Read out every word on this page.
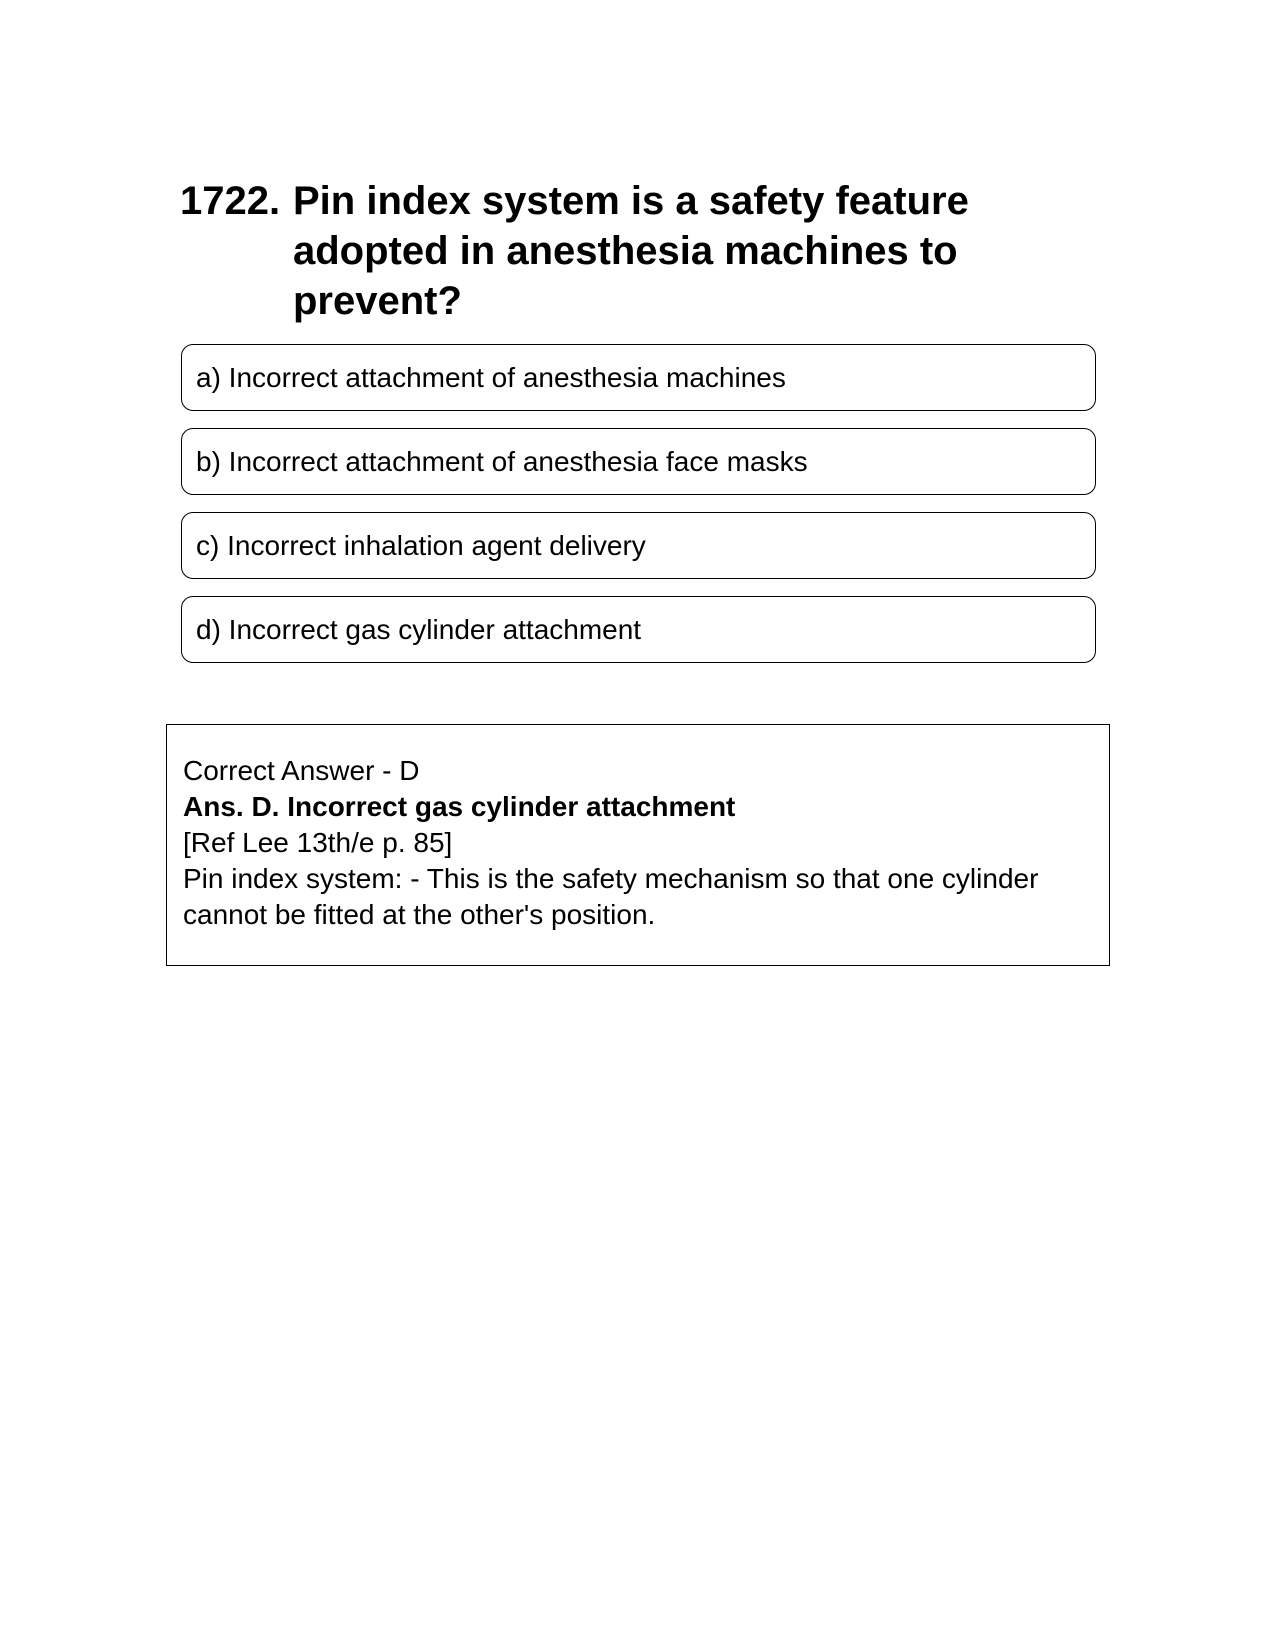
1722. Pin index system is a safety feature adopted in anesthesia machines to prevent?
a) Incorrect attachment of anesthesia machines
b) Incorrect attachment of anesthesia face masks
c) Incorrect inhalation agent delivery
d) Incorrect gas cylinder attachment
Correct Answer - D
Ans. D. Incorrect gas cylinder attachment
[Ref Lee 13th/e p. 85]
Pin index system: - This is the safety mechanism so that one cylinder cannot be fitted at the other's position.
